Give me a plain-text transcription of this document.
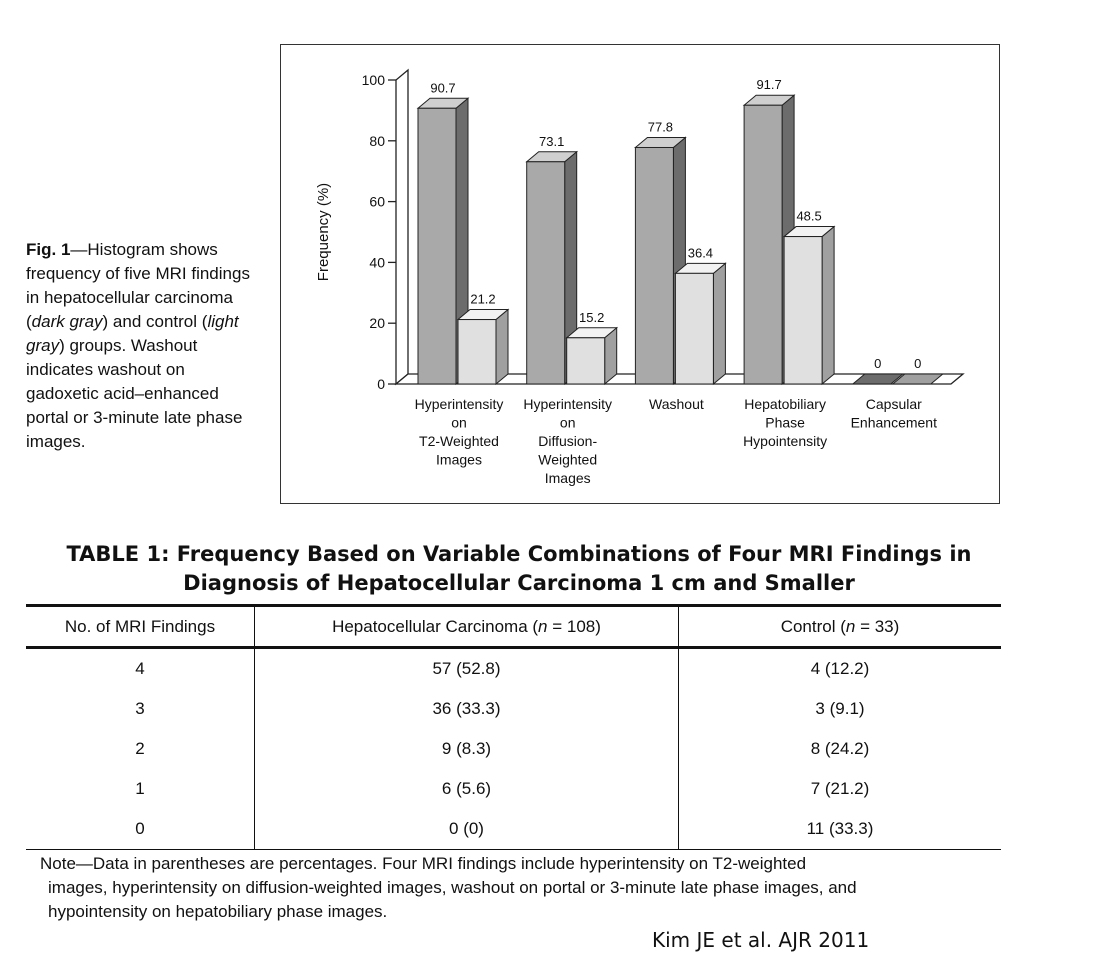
Fig. 1—Histogram shows frequency of five MRI findings in hepatocellular carcinoma (dark gray) and control (light gray) groups. Washout indicates washout on gadoxetic acid–enhanced portal or 3-minute late phase images.
0
20
40
60
80
100
Frequency (%)
90.7
21.2
Hyperintensity
on
T2-Weighted
Images
73.1
15.2
Hyperintensity
on
Diffusion-
Weighted
Images
77.8
36.4
Washout
91.7
48.5
Hepatobiliary
Phase
Hypointensity
0	0
Capsular
Enhancement
TABLE 1: Frequency Based on Variable Combinations of Four MRI Findings in
Diagnosis of Hepatocellular Carcinoma 1 cm and Smaller
No. of MRI Findings	Hepatocellular Carcinoma (n = 108)	Control (n = 33)
4	57 (52.8)	4 (12.2)
3	36 (33.3)	3 (9.1)
2	9 (8.3)	8 (24.2)
1	6 (5.6)	7 (21.2)
0	0 (0)	11 (33.3)
Note—Data in parentheses are percentages. Four MRI findings include hyperintensity on T2-weighted
images, hyperintensity on diffusion-weighted images, washout on portal or 3-minute late phase images, and
hypointensity on hepatobiliary phase images.
Kim JE et al. AJR 2011
